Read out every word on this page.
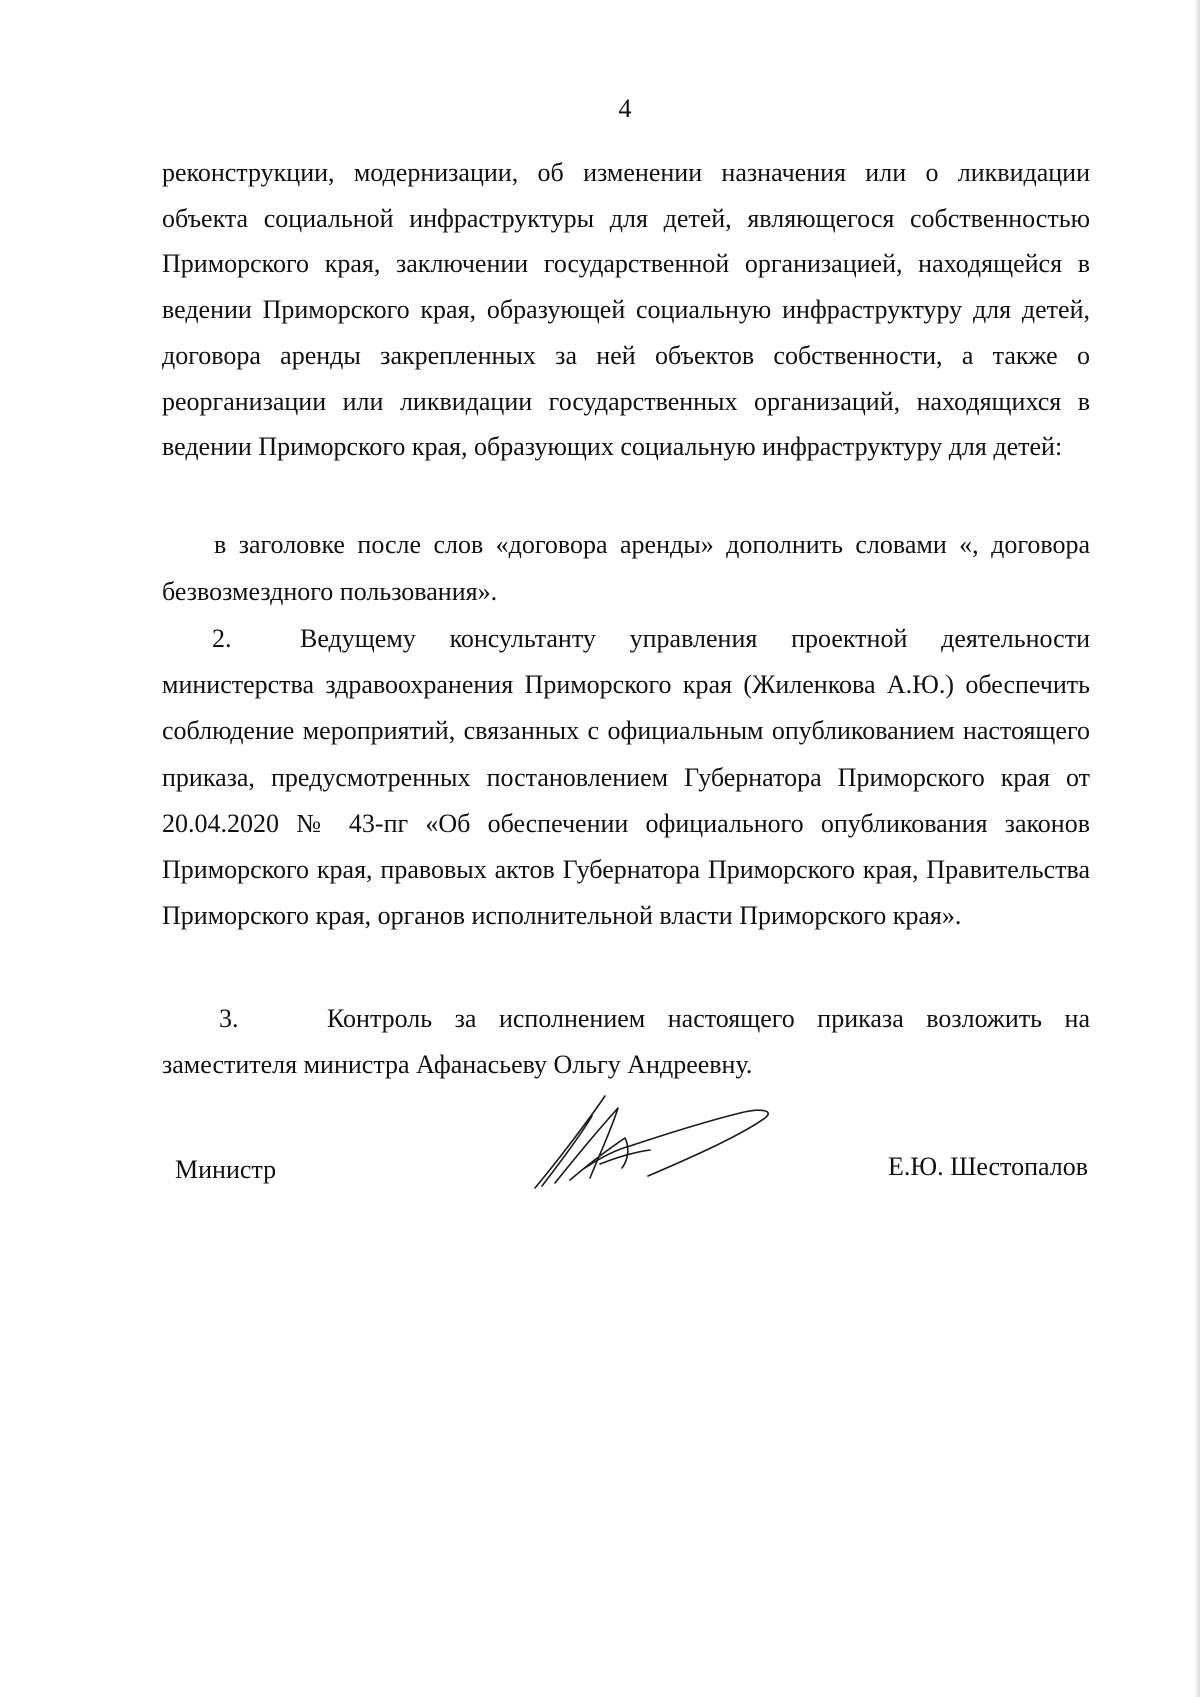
4

реконструкции, модернизации, об изменении назначения или о ликвидации объекта социальной инфраструктуры для детей, являющегося собственностью Приморского края, заключении государственной организацией, находящейся в ведении Приморского края, образующей социальную инфраструктуру для детей, договора аренды закрепленных за ней объектов собственности, а также о реорганизации или ликвидации государственных организаций, находящихся в ведении Приморского края, образующих социальную инфраструктуру для детей:

в заголовке после слов «договора аренды» дополнить словами «, договора безвозмездного пользования».

2.	Ведущему консультанту управления проектной деятельности министерства здравоохранения Приморского края (Жиленкова А.Ю.) обеспечить соблюдение мероприятий, связанных с официальным опубликованием настоящего приказа, предусмотренных постановлением Губернатора Приморского края от 20.04.2020 № 43-пг «Об обеспечении официального опубликования законов Приморского края, правовых актов Губернатора Приморского края, Правительства Приморского края, органов исполнительной власти Приморского края».

3.	Контроль за исполнением настоящего приказа возложить на заместителя министра Афанасьеву Ольгу Андреевну.

Министр	Е.Ю. Шестопалов
